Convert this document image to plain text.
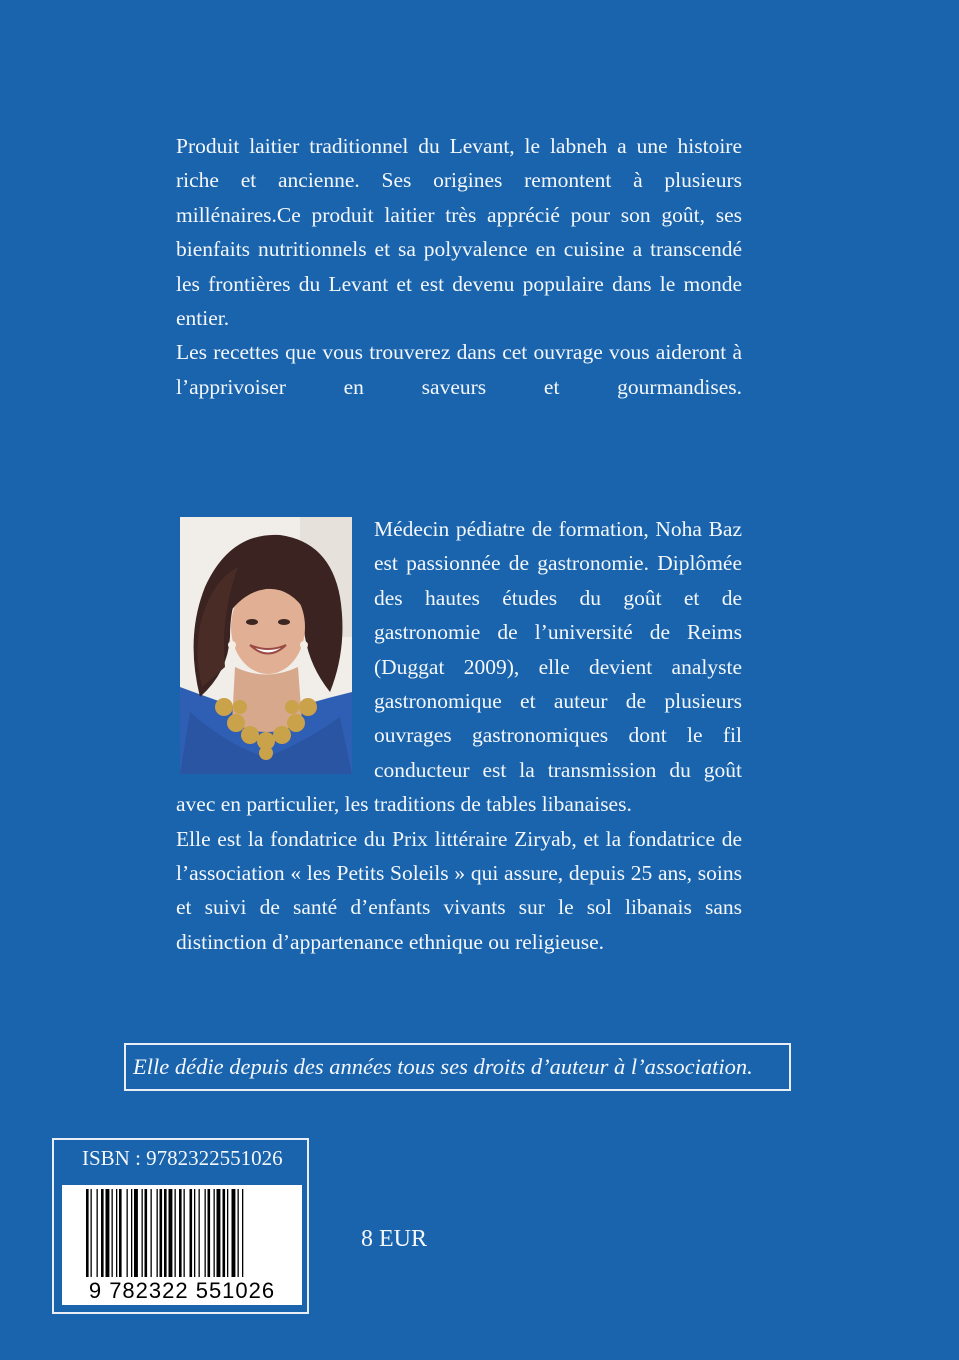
Produit laitier traditionnel du Levant, le labneh a une histoire riche et ancienne. Ses origines remontent à plusieurs millénaires.Ce produit laitier très apprécié pour son goût, ses bienfaits nutritionnels et sa polyvalence en cuisine a transcendé les frontières du Levant et est devenu populaire dans le monde entier.

Les recettes que vous trouverez dans cet ouvrage vous aideront à l’apprivoiser en saveurs et gourmandises.

Médecin pédiatre de formation, Noha Baz est passionnée de gastronomie. Diplômée des hautes études du goût et de gastronomie de l’université de Reims (Duggat 2009), elle devient analyste gastronomique et auteur de plusieurs ouvrages gastronomiques dont le fil conducteur est la transmission du goût avec en particulier, les traditions de tables libanaises.

Elle est la fondatrice du Prix littéraire Ziryab, et la fondatrice de l’association « les Petits Soleils » qui assure, depuis 25 ans, soins et suivi de santé d’enfants vivants sur le sol libanais sans distinction d’appartenance ethnique ou religieuse.

Elle dédie depuis des années tous ses droits d’auteur à l’association.
ISBN : 9782322551026
9 782322 551026
8 EUR
